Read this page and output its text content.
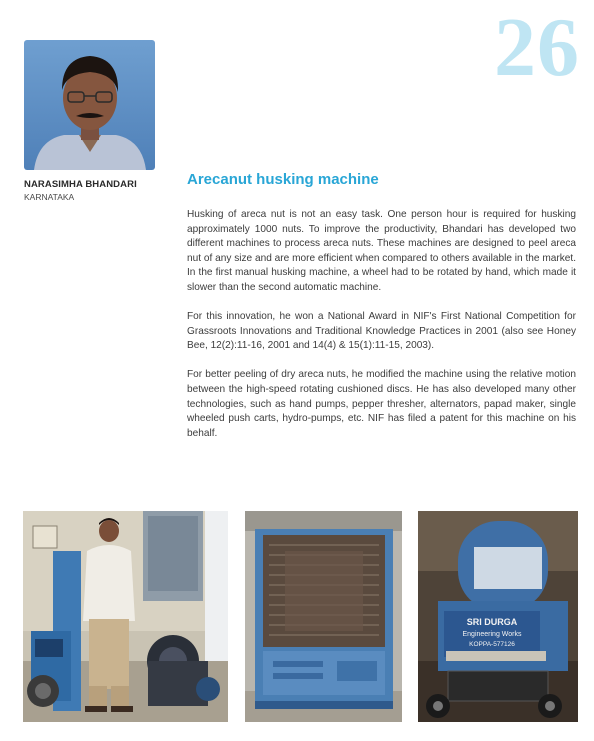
26
NARASIMHA BHANDARI
KARNATAKA
Arecanut husking machine

Husking of areca nut is not an easy task. One person hour is required for husking approximately 1000 nuts. To improve the productivity, Bhandari has developed two different machines to process areca nuts. These machines are designed to peel areca nut of any size and are more efficient when compared to others available in the market. In the first manual husking machine, a wheel had to be rotated by hand, which made it slower than the second automatic machine.

For this innovation, he won a National Award in NIF's First National Competition for Grassroots Innovations and Traditional Knowledge Practices in 2001 (also see Honey Bee, 12(2):11-16, 2001 and 14(4) & 15(1):11-15, 2003).

For better peeling of dry areca nuts, he modified the machine using the relative motion between the high-speed rotating cushioned discs. He has also developed many other technologies, such as hand pumps, pepper thresher, alternators, papad maker, single wheeled push carts, hydro-pumps, etc. NIF has filed a patent for this machine on his behalf.

SRI DURGA
Engineering Works
KOPPA-577126
